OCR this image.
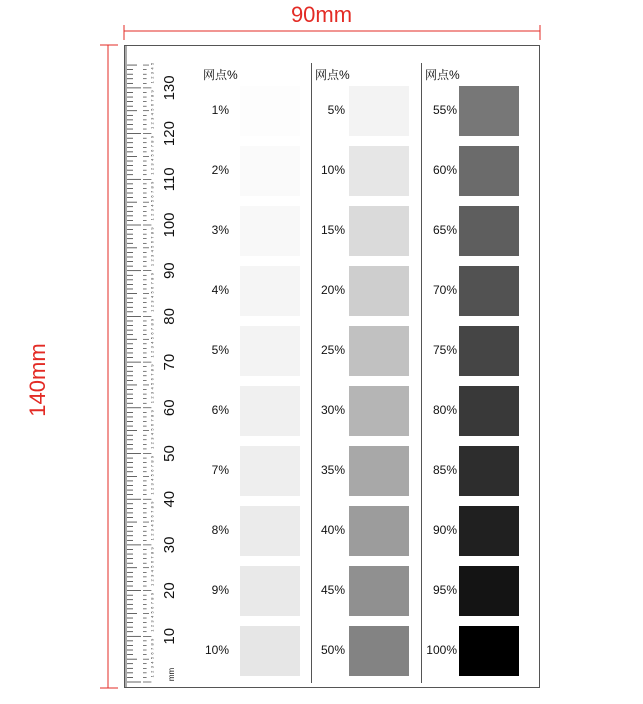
90mm
140mm
1
2
3
4
5
6
7
8
9
1
2
3
4
5
6
7
8
9
1
2
3
4
5
6
7
8
9
1
2
3
4
5
6
7
8
9
1
2
3
4
5
6
7
8
9
1
2
3
4
5
6
7
8
9
1
2
3
4
5
6
7
8
9
1
2
3
4
5
6
7
8
9
1
2
3
4
5
6
7
8
9
1
2
3
4
5
6
7
8
9
1
2
3
4
5
6
7
8
9
1
2
3
4
5
6
7
8
9
1
2
3
4
5
6
7
8
9
1
2
3
4
5
10
20
30
40
50
60
70
80
90
100
110
120
130
mm
网点%
1%
2%
3%
4%
5%
6%
7%
8%
9%
10%
网点%
5%
10%
15%
20%
25%
30%
35%
40%
45%
50%
网点%
55%
60%
65%
70%
75%
80%
85%
90%
95%
100%
